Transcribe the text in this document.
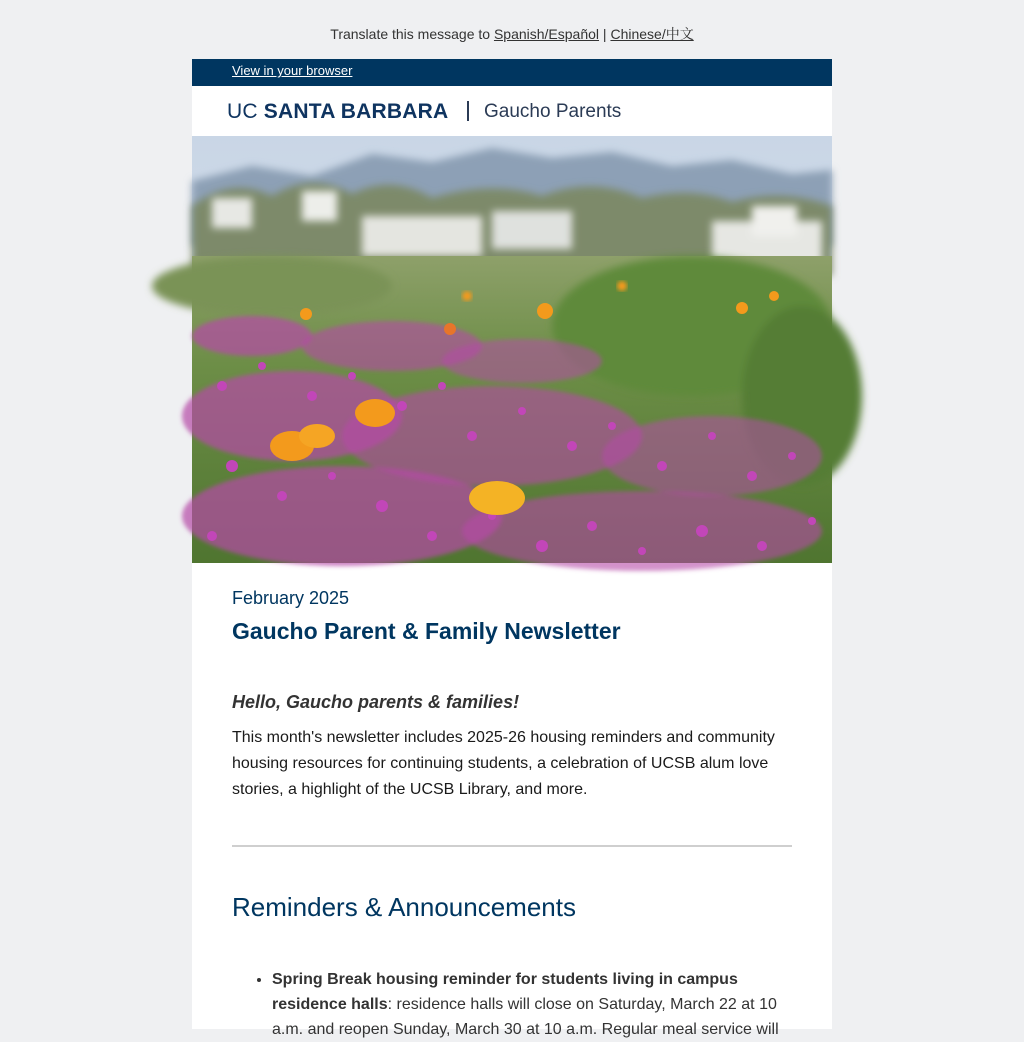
Translate this message to Spanish/Español | Chinese/中文
View in your browser
UC SANTA BARBARA Gaucho Parents
February 2025
Gaucho Parent & Family Newsletter
Hello, Gaucho parents & families!
This month's newsletter includes 2025-26 housing reminders and community housing resources for continuing students, a celebration of UCSB alum love stories, a highlight of the UCSB Library, and more.
Reminders & Announcements
• Spring Break housing reminder for students living in campus residence halls: residence halls will close on Saturday, March 22 at 10 a.m. and reopen Sunday, March 30 at 10 a.m. Regular meal service will
